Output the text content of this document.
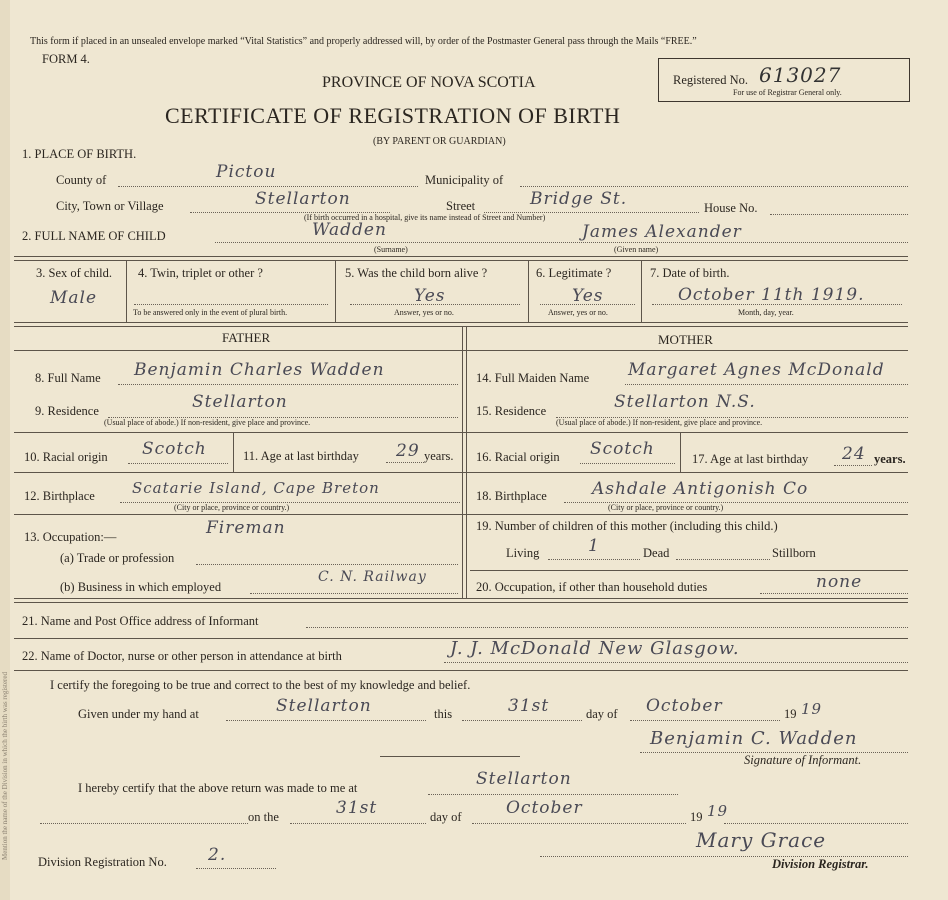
Mention the name of the Division in which the birth was registered
This form if placed in an unsealed envelope marked “Vital Statistics” and properly addressed will, by order of the Postmaster General pass through the Mails “FREE.”
FORM 4.
PROVINCE OF NOVA SCOTIA
CERTIFICATE OF REGISTRATION OF BIRTH
(BY PARENT OR GUARDIAN)
Registered No. 613027
For use of Registrar General only.
1. PLACE OF BIRTH.
County of	Pictou	Municipality of
City, Town or Village	Stellarton	Street	Bridge St.	House No.
(If birth occurred in a hospital, give its name instead of Street and Number)
2. FULL NAME OF CHILD	Wadden	James Alexander
(Surname)	(Given name)
3. Sex of child.
Male
4. Twin, triplet or other ?
To be answered only in the event of plural birth.
5. Was the child born alive ?
Yes
Answer, yes or no.
6. Legitimate ?
Yes
Answer, yes or no.
7. Date of birth.
October 11th 1919.
Month, day, year.
FATHER	MOTHER
8. Full Name Benjamin Charles Wadden	14. Full Maiden Name Margaret Agnes McDonald
9. Residence	Stellarton
(Usual place of abode.) If non-resident, give place and province.
15. Residence	Stellarton N.S.
(Usual place of abode.) If non-resident, give place and province.
10. Racial origin Scotch	11. Age at last birthday 29 years. 16. Racial origin Scotch	17. Age at last birthday 24 years.
12. Birthplace Scatarie Island, Cape Breton
(City or place, province or country.)
18. Birthplace	Ashdale Antigonish Co
(City or place, province or country.)
13. Occupation:—	Fireman
(a) Trade or profession
(b) Business in which employed
C. N. Railway
19. Number of children of this mother (including this child.)
Living	1	Dead	Stillborn
20. Occupation, if other than household duties	none
21. Name and Post Office address of Informant
22. Name of Doctor, nurse or other person in attendance at birth	J. J. McDonald New Glasgow.
I certify the foregoing to be true and correct to the best of my knowledge and belief.
Given under my hand at	Stellarton	this	31st	day of October	19 19
Benjamin C. Wadden
Signature of Informant.
I hereby certify that the above return was made to me at	Stellarton
on the	31st	day of	October	19 19
Division Registration No. 2.
Mary Grace
Division Registrar.
